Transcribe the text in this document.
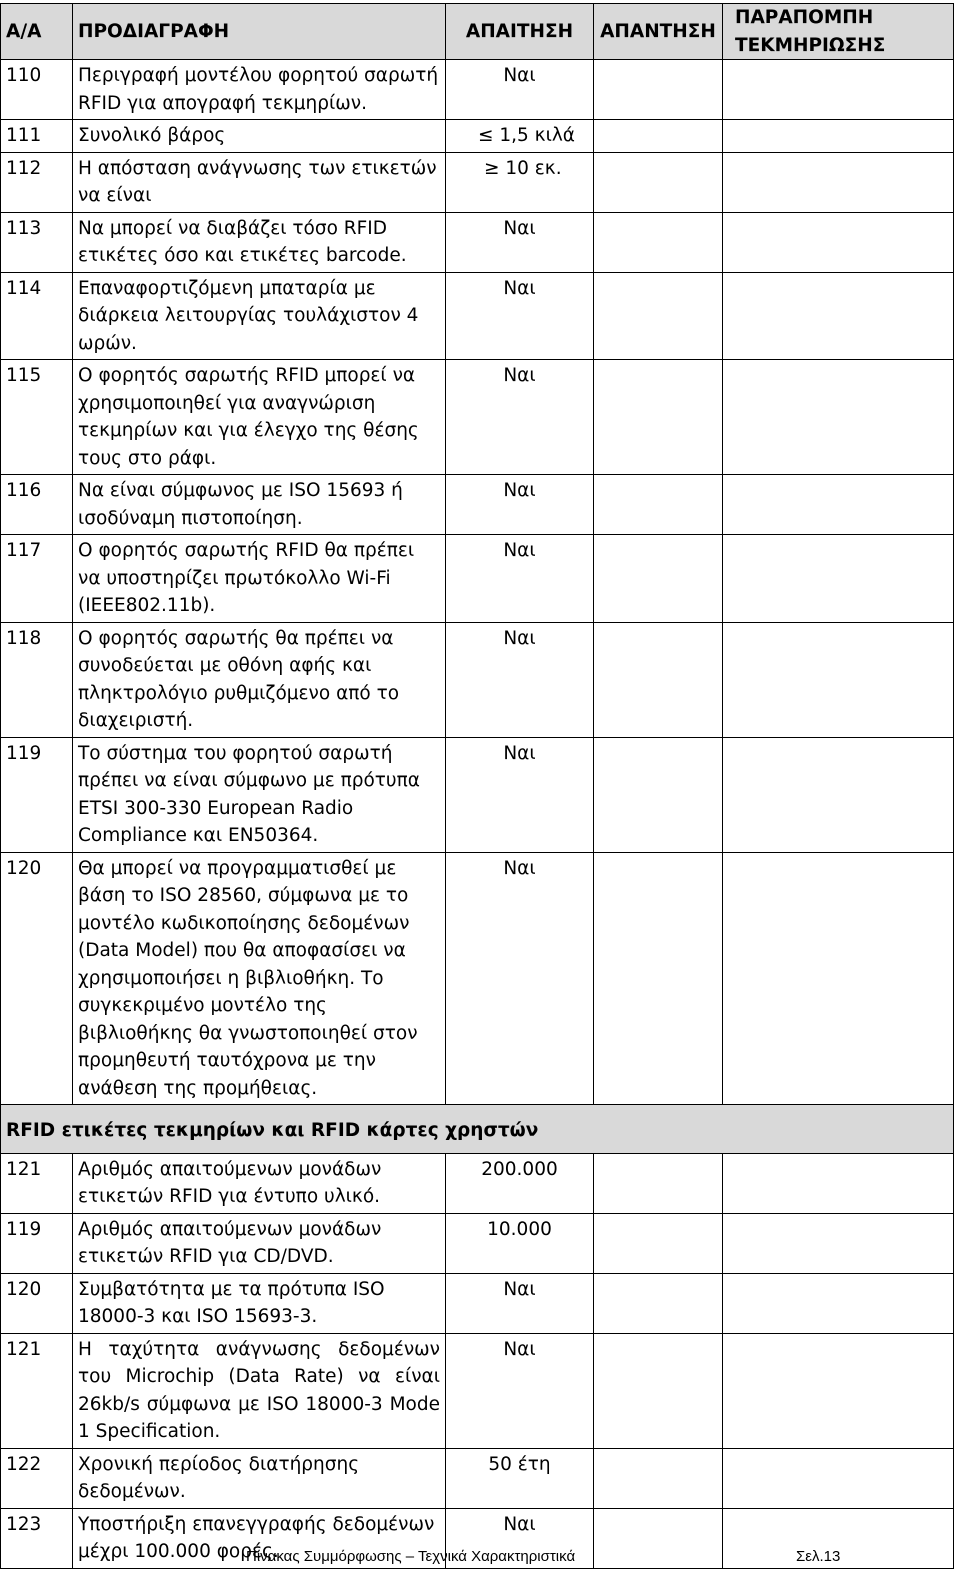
Α/Α	ΠΡΟΔΙΑΓΡΑΦΗ	ΑΠΑΙΤΗΣΗ	ΑΠΑΝΤΗΣΗ	ΠΑΡΑΠΟΜΠΗ ΤΕΚΜΗΡΙΩΣΗΣ
110	Περιγραφή μοντέλου φορητού σαρωτή RFID για απογραφή τεκμηρίων.	Ναι		
111	Συνολικό βάρος	≤ 1,5 κιλά		
112	Η απόσταση ανάγνωσης των ετικετών να είναι	≥ 10 εκ.		
113	Να μπορεί να διαβάζει τόσο RFID ετικέτες όσο και ετικέτες barcode.	Ναι		
114	Επαναφορτιζόμενη μπαταρία με διάρκεια λειτουργίας τουλάχιστον 4 ωρών.	Ναι		
115	Ο φορητός σαρωτής RFID μπορεί να χρησιμοποιηθεί για αναγνώριση τεκμηρίων και για έλεγχο της θέσης τους στο ράφι.	Ναι		
116	Να είναι σύμφωνος με ISO 15693 ή ισοδύναμη πιστοποίηση.	Ναι		
117	Ο φορητός σαρωτής RFID θα πρέπει να υποστηρίζει πρωτόκολλο Wi-Fi (IEEE802.11b).	Ναι		
118	Ο φορητός σαρωτής θα πρέπει να συνοδεύεται με οθόνη αφής και πληκτρολόγιο ρυθμιζόμενο από το διαχειριστή.	Ναι		
119	Το σύστημα του φορητού σαρωτή πρέπει να είναι σύμφωνο με πρότυπα ETSI 300-330 European Radio Compliance και EN50364.	Ναι		
120	Θα μπορεί να προγραμματισθεί με βάση το ISO 28560, σύμφωνα με το μοντέλο κωδικοποίησης δεδομένων (Data Model) που θα αποφασίσει να χρησιμοποιήσει η βιβλιοθήκη. Το συγκεκριμένο μοντέλο της βιβλιοθήκης θα γνωστοποιηθεί στον προμηθευτή ταυτόχρονα με την ανάθεση της προμήθειας.	Ναι		
RFID ετικέτες τεκμηρίων και RFID κάρτες χρηστών				
121	Αριθμός απαιτούμενων μονάδων ετικετών RFID για έντυπο υλικό.	200.000		
119	Αριθμός απαιτούμενων μονάδων ετικετών RFID για CD/DVD.	10.000		
120	Συμβατότητα με τα πρότυπα ISO 18000-3 και ISO 15693-3.	Ναι		
121	Η ταχύτητα ανάγνωσης δεδομένων του Microchip (Data Rate) να είναι 26kb/s σύμφωνα με ISO 18000-3 Mode 1 Specification.	Ναι		
122	Χρονική περίοδος διατήρησης δεδομένων.	50 έτη		
123	Υποστήριξη επανεγγραφής δεδομένων μέχρι 100.000 φορές.	Ναι		
Πίνακας Συμμόρφωσης – Τεχνικά Χαρακτηριστικά	Σελ.13
